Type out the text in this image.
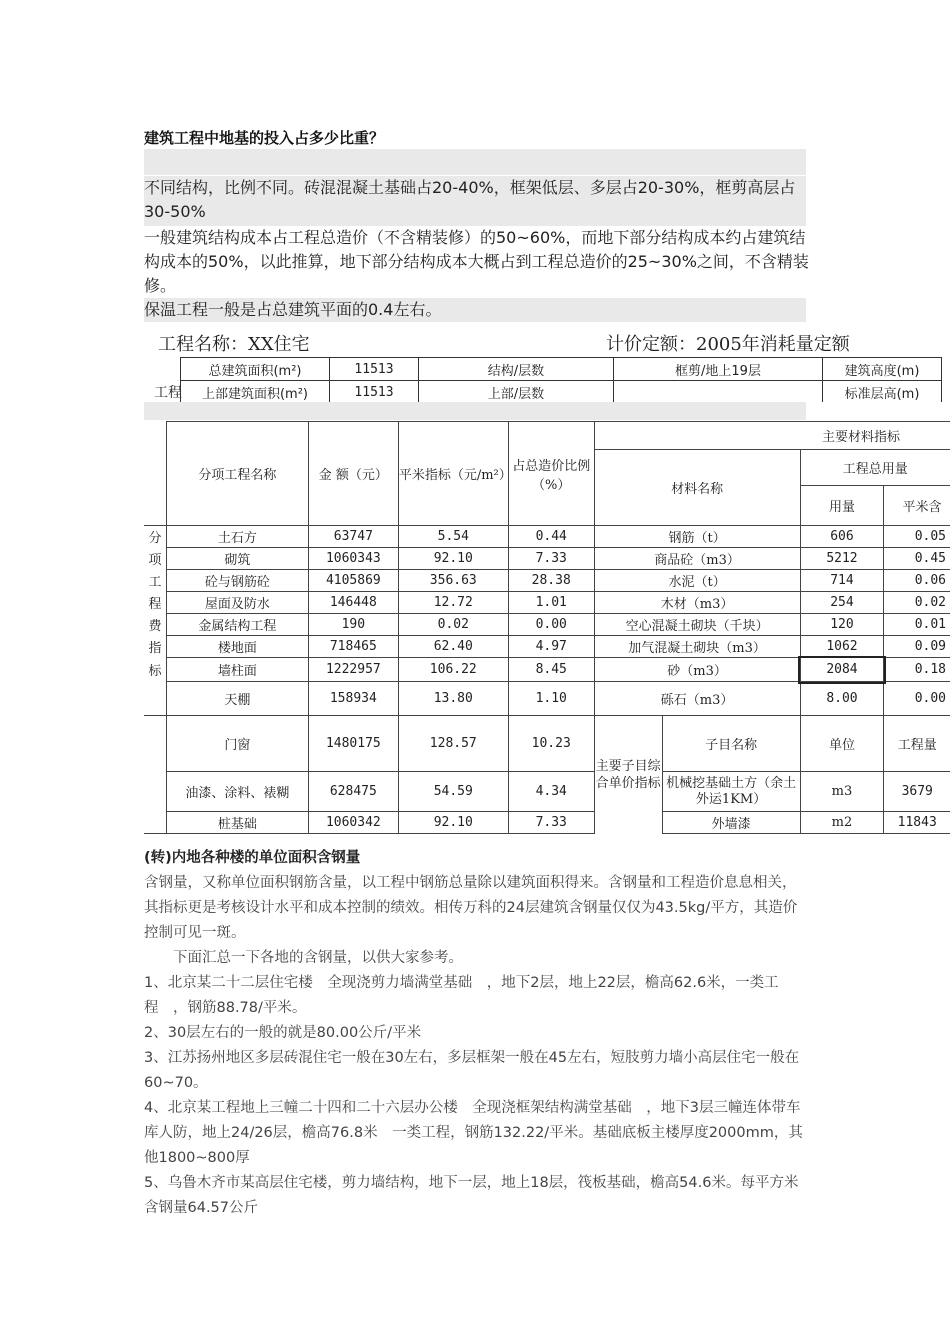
建筑工程中地基的投入占多少比重？
不同结构，比例不同。砖混混凝土基础占20-40%，框架低层、多层占20-30%，框剪高层占30-50%
一般建筑结构成本占工程总造价（不含精装修）的50~60%，而地下部分结构成本约占建筑结构成本的50%，以此推算，地下部分结构成本大概占到工程总造价的25~30%之间，不含精装修。
保温工程一般是占总建筑平面的0.4左右。
工程名称：XX住宅	计价定额：2005年消耗量定额
工程
总建筑面积(m²)	11513	结构/层数	框剪/地上19层	建筑高度(m)
上部建筑面积(m²)	11513	上部/层数		标准层高(m)
	分项工程名称	金 额（元）	平米指标（元/m²）	占总造价比例（%）	主要材料指标			
					材料名称		工程总用量	
							用量	平米含
分	土石方	63747	5.54	0.44	钢筋（t）		606	0.05
项	砌筑	1060343	92.10	7.33	商品砼（m3）		5212	0.45
工	砼与钢筋砼	4105869	356.63	28.38	水泥（t）		714	0.06
程	屋面及防水	146448	12.72	1.01	木材（m3）		254	0.02
费	金属结构工程	190	0.02	0.00	空心混凝土砌块（千块）		120	0.01
指	楼地面	718465	62.40	4.97	加气混凝土砌块（m3）		1062	0.09
标	墙柱面	1222957	106.22	8.45	砂（m3）		2084	0.18
	天棚	158934	13.80	1.10	砾石（m3）		8.00	0.00
	门窗	1480175	128.57	10.23	主要子目综合单价指标	子目名称	单位	工程量
	油漆、涂料、裱糊	628475	54.59	4.34		机械挖基础土方（余土外运1KM）	m3	3679
	桩基础	1060342	92.10	7.33		外墙漆	m2	11843
(转)内地各种楼的单位面积含钢量
含钢量，又称单位面积钢筋含量，以工程中钢筋总量除以建筑面积得来。含钢量和工程造价息息相关，其指标更是考核设计水平和成本控制的绩效。相传万科的24层建筑含钢量仅仅为43.5kg/平方，其造价控制可见一斑。
　　下面汇总一下各地的含钢量，以供大家参考。
1、北京某二十二层住宅楼　全现浇剪力墙满堂基础　，地下2层，地上22层，檐高62.6米，一类工程　，钢筋88.78/平米。
2、30层左右的一般的就是80.00公斤/平米
3、江苏扬州地区多层砖混住宅一般在30左右，多层框架一般在45左右，短肢剪力墙小高层住宅一般在60~70。
4、北京某工程地上三幢二十四和二十六层办公楼　全现浇框架结构满堂基础　，地下3层三幢连体带车库人防，地上24/26层，檐高76.8米　一类工程，钢筋132.22/平米。基础底板主楼厚度2000mm，其他1800~800厚
5、乌鲁木齐市某高层住宅楼，剪力墙结构，地下一层，地上18层，筏板基础，檐高54.6米。每平方米含钢量64.57公斤
